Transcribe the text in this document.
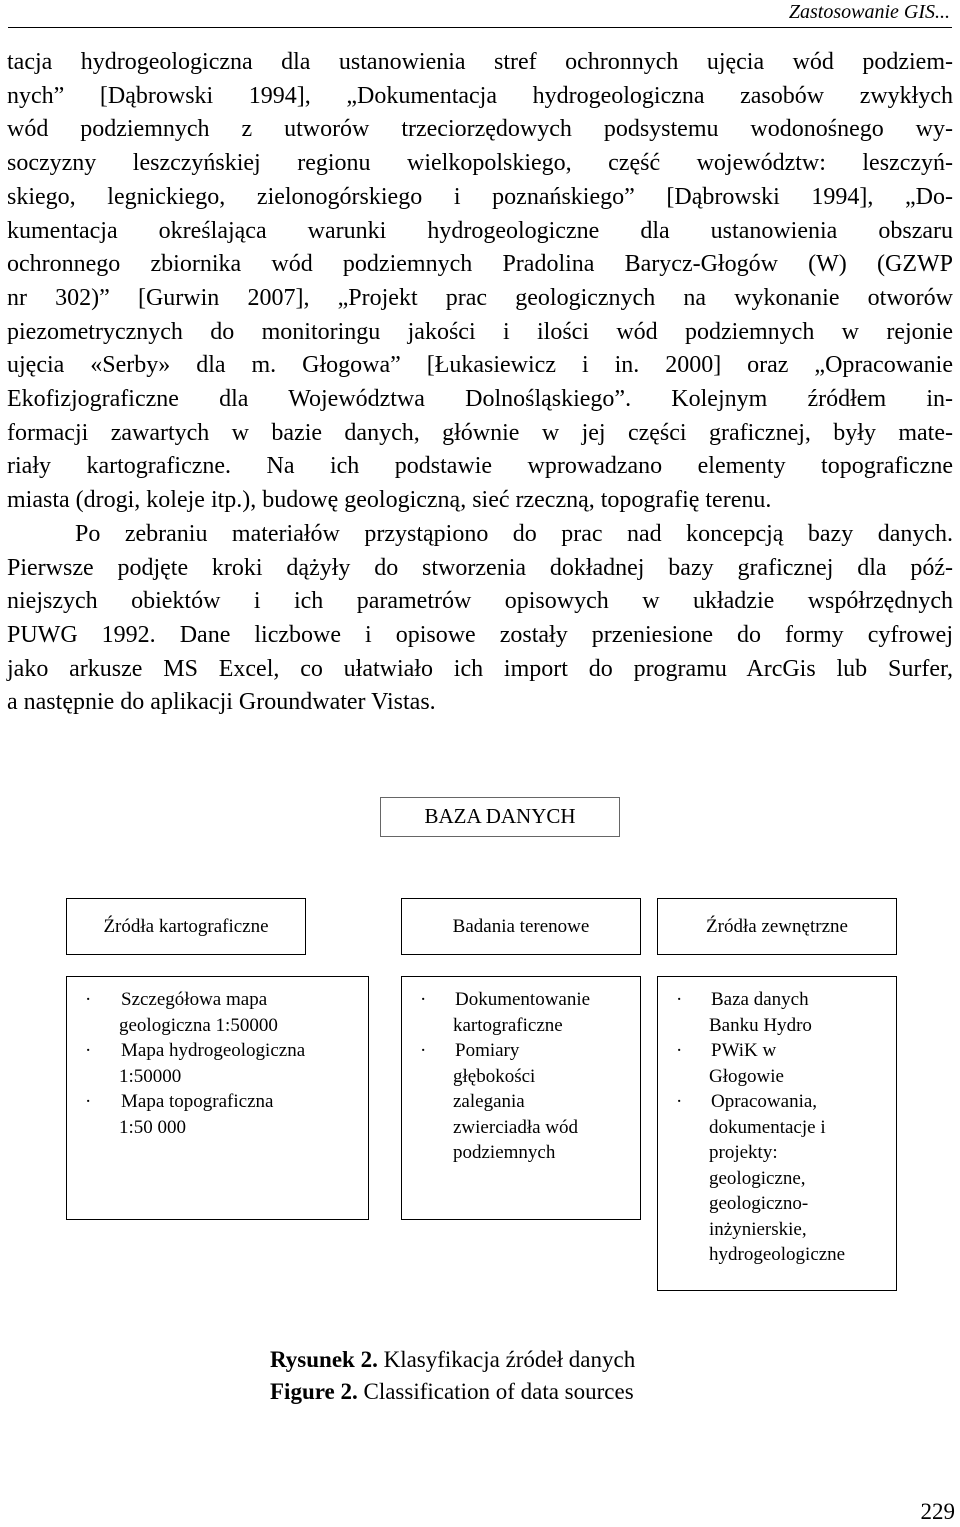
Zastosowanie GIS...
tacja hydrogeologiczna dla ustanowienia stref ochronnych ujęcia wód podziem-
nych” [Dąbrowski 1994], „Dokumentacja hydrogeologiczna zasobów zwykłych
wód podziemnych z utworów trzeciorzędowych podsystemu wodonośnego wy-
soczyzny leszczyńskiej regionu wielkopolskiego, część województw: leszczyń-
skiego, legnickiego, zielonogórskiego i poznańskiego” [Dąbrowski 1994], „Do-
kumentacja określająca warunki hydrogeologiczne dla ustanowienia obszaru
ochronnego zbiornika wód podziemnych Pradolina Barycz-Głogów (W) (GZWP
nr 302)” [Gurwin 2007], „Projekt prac geologicznych na wykonanie otworów
piezometrycznych do monitoringu jakości i ilości wód podziemnych w rejonie
ujęcia «Serby» dla m. Głogowa” [Łukasiewicz i in. 2000] oraz „Opracowanie
Ekofizjograficzne dla Województwa Dolnośląskiego”. Kolejnym źródłem in-
formacji zawartych w bazie danych, głównie w jej części graficznej, były mate-
riały kartograficzne. Na ich podstawie wprowadzano elementy topograficzne
miasta (drogi, koleje itp.), budowę geologiczną, sieć rzeczną, topografię terenu.
Po zebraniu materiałów przystąpiono do prac nad koncepcją bazy danych.
Pierwsze podjęte kroki dążyły do stworzenia dokładnej bazy graficznej dla póź-
niejszych obiektów i ich parametrów opisowych w układzie współrzędnych
PUWG 1992. Dane liczbowe i opisowe zostały przeniesione do formy cyfrowej
jako arkusze MS Excel, co ułatwiało ich import do programu ArcGis lub Surfer,
a następnie do aplikacji Groundwater Vistas.
BAZA DANYCH
Źródła kartograficzne	Badania terenowe	Źródła zewnętrzne
· Szczegółowa mapa
geologiczna 1:50000
· Mapa hydrogeologiczna
1:50000
· Mapa topograficzna
1:50 000
· Dokumentowanie
kartograficzne
· Pomiary
głębokości
zalegania
zwierciadła wód
podziemnych
· Baza danych
Banku Hydro
· PWiK w
Głogowie
· Opracowania,
dokumentacje i
projekty:
geologiczne,
geologiczno-
inżynierskie,
hydrogeologiczne
Rysunek 2. Klasyfikacja źródeł danych
Figure 2. Classification of data sources
229
